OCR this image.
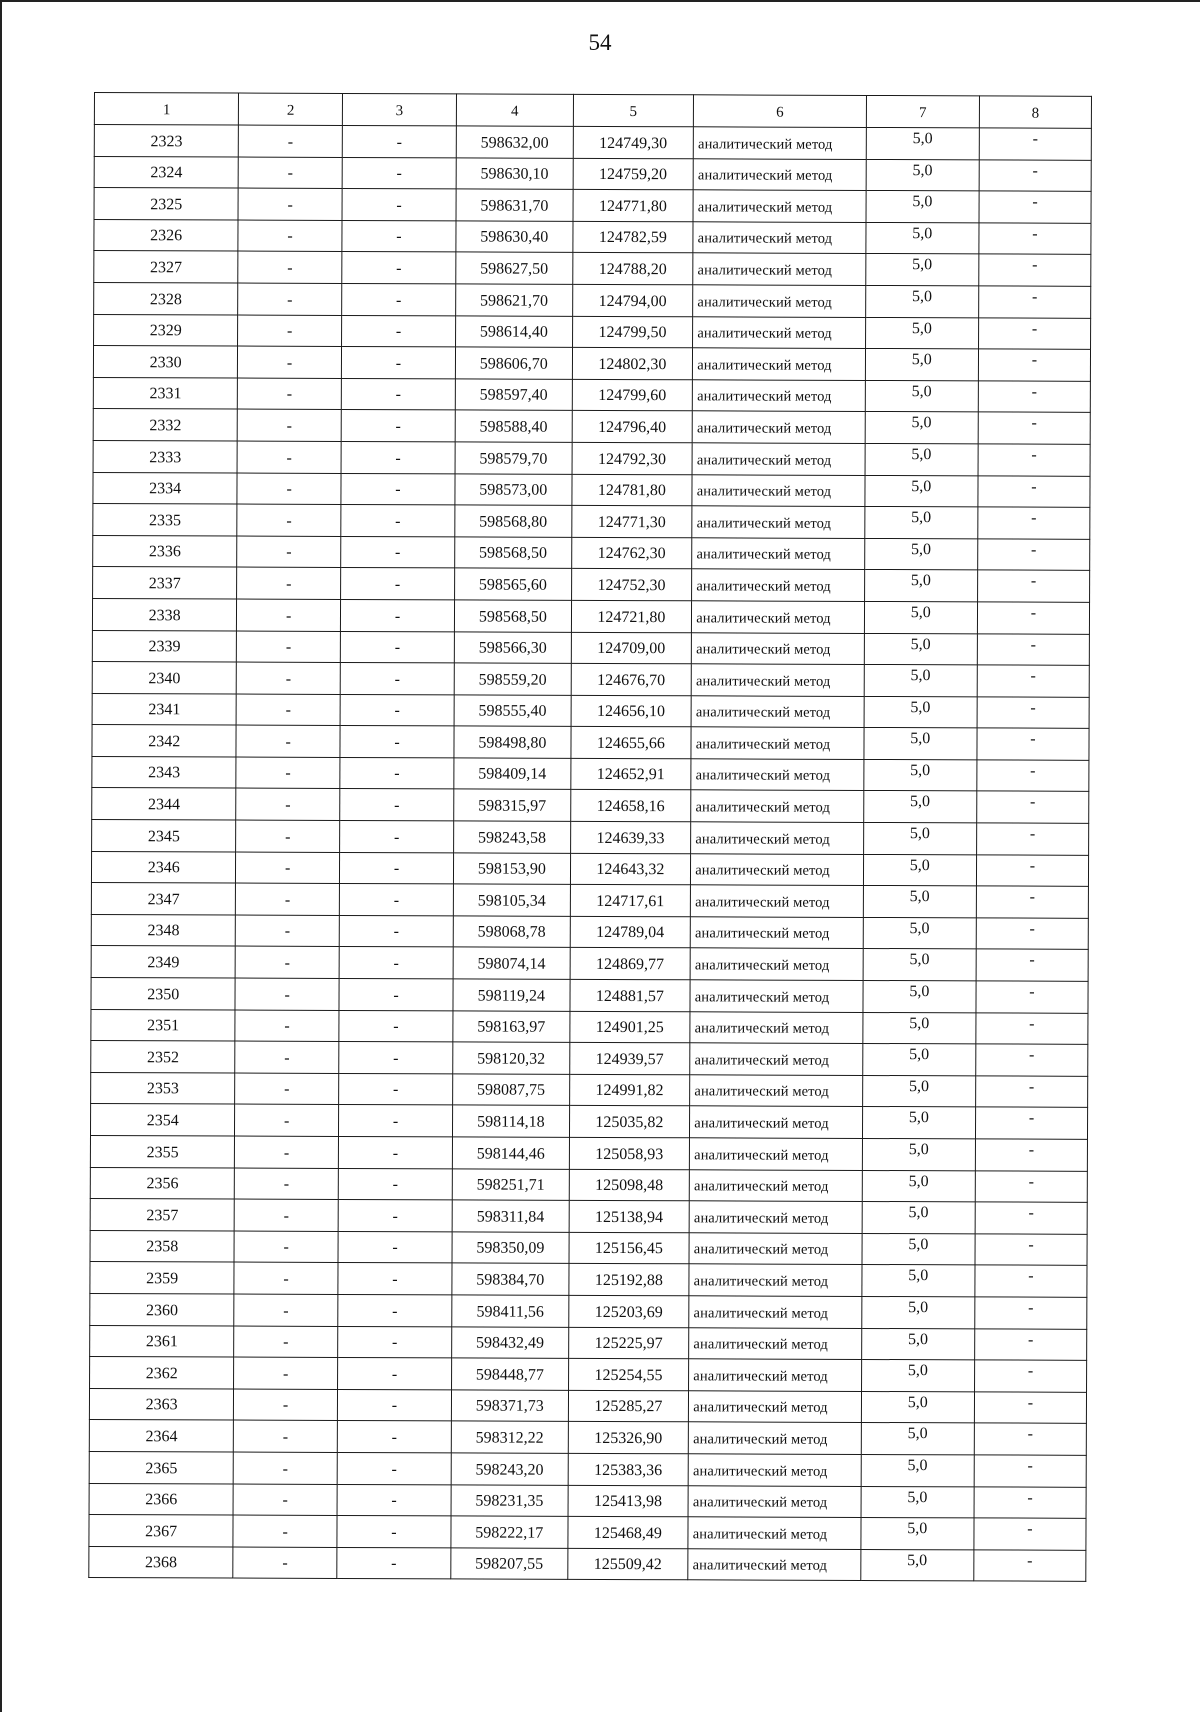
54
1	2	3	4	5	6	7	8
2323	-	-	598632,00	124749,30	аналитический метод	5,0	-
2324	-	-	598630,10	124759,20	аналитический метод	5,0	-
2325	-	-	598631,70	124771,80	аналитический метод	5,0	-
2326	-	-	598630,40	124782,59	аналитический метод	5,0	-
2327	-	-	598627,50	124788,20	аналитический метод	5,0	-
2328	-	-	598621,70	124794,00	аналитический метод	5,0	-
2329	-	-	598614,40	124799,50	аналитический метод	5,0	-
2330	-	-	598606,70	124802,30	аналитический метод	5,0	-
2331	-	-	598597,40	124799,60	аналитический метод	5,0	-
2332	-	-	598588,40	124796,40	аналитический метод	5,0	-
2333	-	-	598579,70	124792,30	аналитический метод	5,0	-
2334	-	-	598573,00	124781,80	аналитический метод	5,0	-
2335	-	-	598568,80	124771,30	аналитический метод	5,0	-
2336	-	-	598568,50	124762,30	аналитический метод	5,0	-
2337	-	-	598565,60	124752,30	аналитический метод	5,0	-
2338	-	-	598568,50	124721,80	аналитический метод	5,0	-
2339	-	-	598566,30	124709,00	аналитический метод	5,0	-
2340	-	-	598559,20	124676,70	аналитический метод	5,0	-
2341	-	-	598555,40	124656,10	аналитический метод	5,0	-
2342	-	-	598498,80	124655,66	аналитический метод	5,0	-
2343	-	-	598409,14	124652,91	аналитический метод	5,0	-
2344	-	-	598315,97	124658,16	аналитический метод	5,0	-
2345	-	-	598243,58	124639,33	аналитический метод	5,0	-
2346	-	-	598153,90	124643,32	аналитический метод	5,0	-
2347	-	-	598105,34	124717,61	аналитический метод	5,0	-
2348	-	-	598068,78	124789,04	аналитический метод	5,0	-
2349	-	-	598074,14	124869,77	аналитический метод	5,0	-
2350	-	-	598119,24	124881,57	аналитический метод	5,0	-
2351	-	-	598163,97	124901,25	аналитический метод	5,0	-
2352	-	-	598120,32	124939,57	аналитический метод	5,0	-
2353	-	-	598087,75	124991,82	аналитический метод	5,0	-
2354	-	-	598114,18	125035,82	аналитический метод	5,0	-
2355	-	-	598144,46	125058,93	аналитический метод	5,0	-
2356	-	-	598251,71	125098,48	аналитический метод	5,0	-
2357	-	-	598311,84	125138,94	аналитический метод	5,0	-
2358	-	-	598350,09	125156,45	аналитический метод	5,0	-
2359	-	-	598384,70	125192,88	аналитический метод	5,0	-
2360	-	-	598411,56	125203,69	аналитический метод	5,0	-
2361	-	-	598432,49	125225,97	аналитический метод	5,0	-
2362	-	-	598448,77	125254,55	аналитический метод	5,0	-
2363	-	-	598371,73	125285,27	аналитический метод	5,0	-
2364	-	-	598312,22	125326,90	аналитический метод	5,0	-
2365	-	-	598243,20	125383,36	аналитический метод	5,0	-
2366	-	-	598231,35	125413,98	аналитический метод	5,0	-
2367	-	-	598222,17	125468,49	аналитический метод	5,0	-
2368	-	-	598207,55	125509,42	аналитический метод	5,0	-
